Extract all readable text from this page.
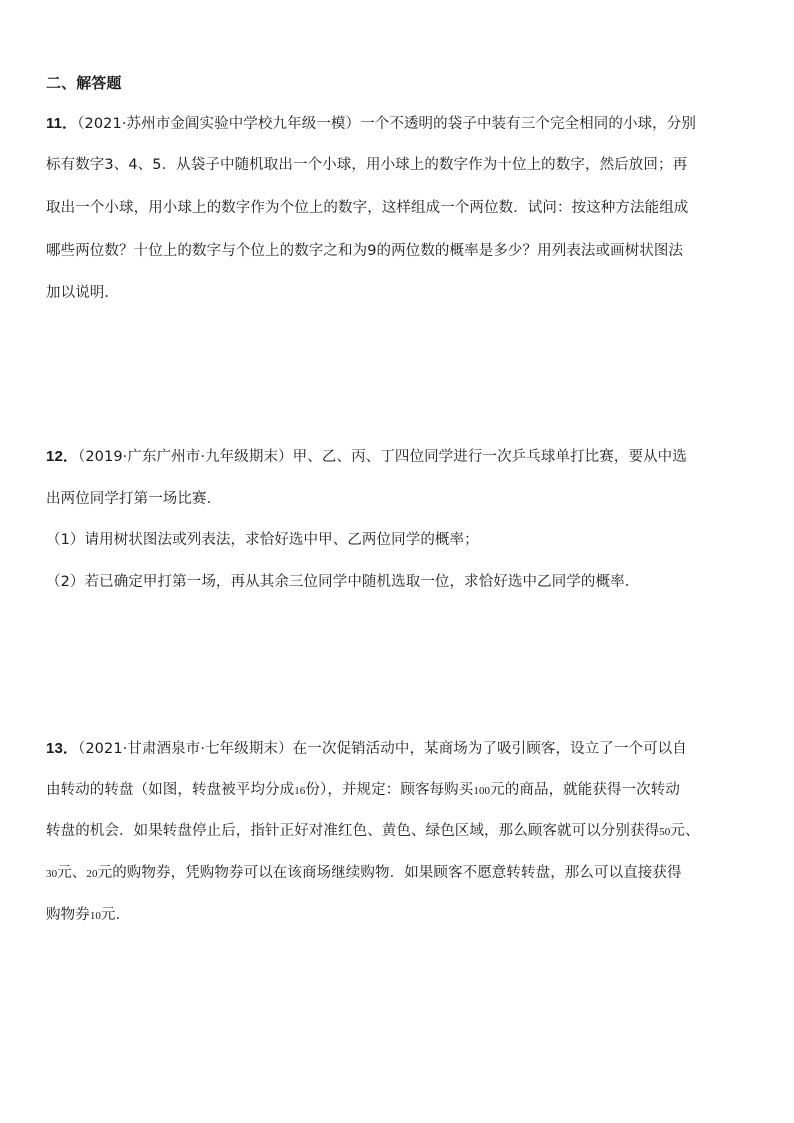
二、解答题
11．（2021·苏州市金阊实验中学校九年级一模）一个不透明的袋子中装有三个完全相同的小球，分别
标有数字3、4、5．从袋子中随机取出一个小球，用小球上的数字作为十位上的数字，然后放回；再
取出一个小球，用小球上的数字作为个位上的数字，这样组成一个两位数．试问：按这种方法能组成
哪些两位数？十位上的数字与个位上的数字之和为9的两位数的概率是多少？用列表法或画树状图法
加以说明．
12．（2019·广东广州市·九年级期末）甲、乙、丙、丁四位同学进行一次乒乓球单打比赛，要从中选
出两位同学打第一场比赛．
（1）请用树状图法或列表法，求恰好选中甲、乙两位同学的概率；
（2）若已确定甲打第一场，再从其余三位同学中随机选取一位，求恰好选中乙同学的概率．
13．（2021·甘肃酒泉市·七年级期末）在一次促销活动中，某商场为了吸引顾客，设立了一个可以自
由转动的转盘（如图，转盘被平均分成16份），并规定：顾客每购买100元的商品，就能获得一次转动
转盘的机会．如果转盘停止后，指针正好对准红色、黄色、绿色区域，那么顾客就可以分别获得50元、
30元、20元的购物券，凭购物券可以在该商场继续购物．如果顾客不愿意转转盘，那么可以直接获得
购物券10元．
